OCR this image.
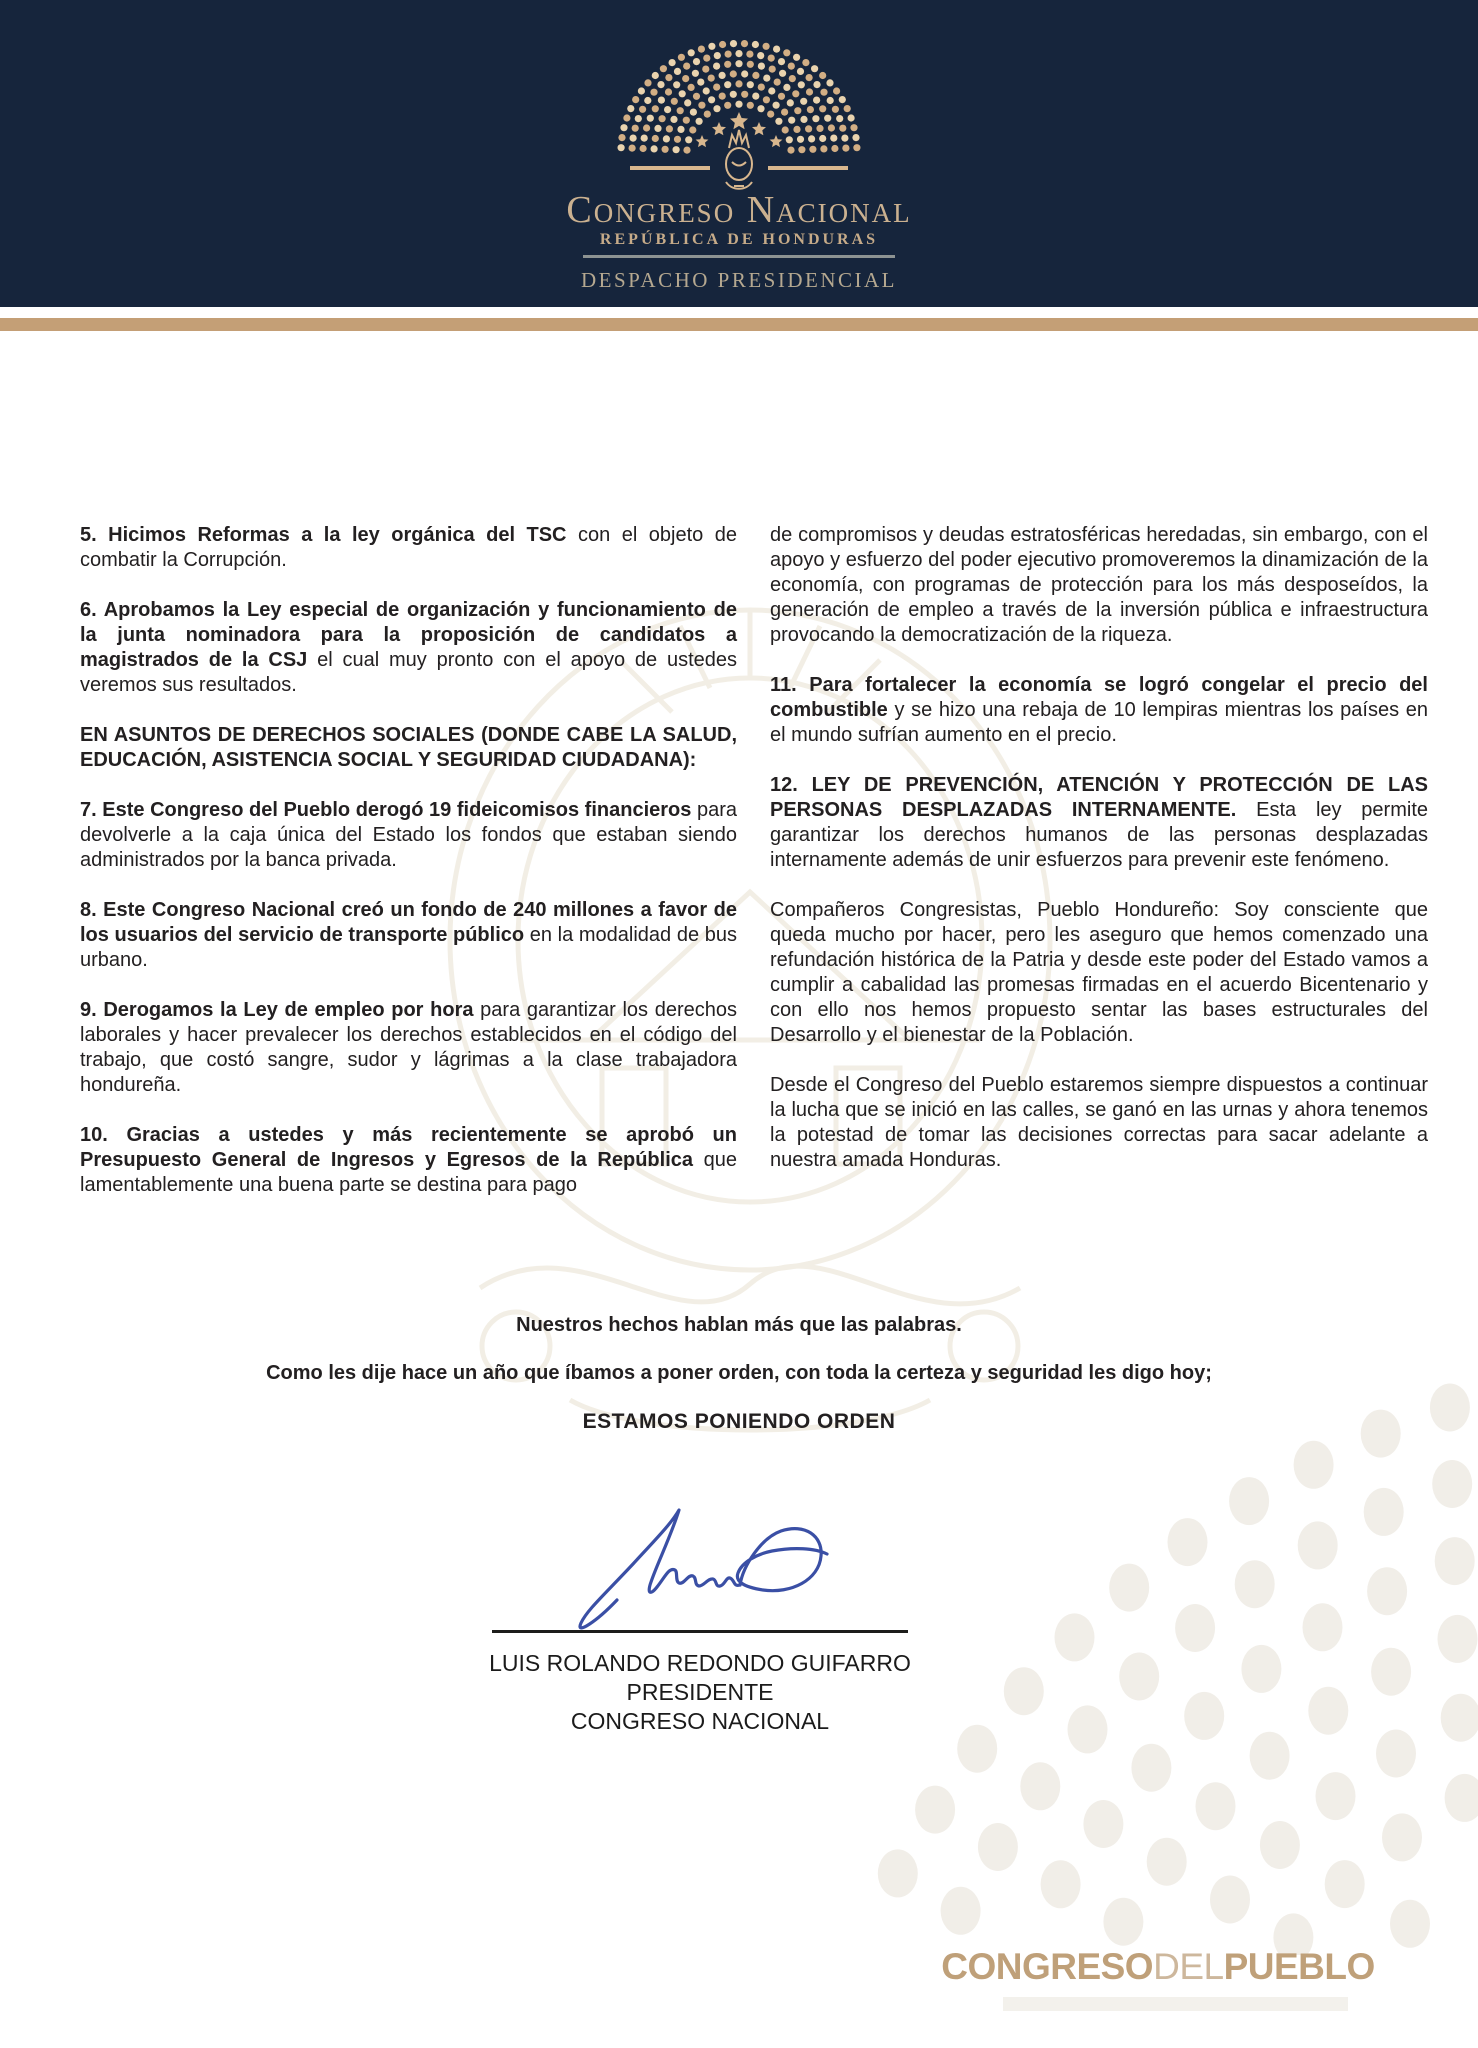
Congreso Nacional
REPÚBLICA DE HONDURAS
DESPACHO PRESIDENCIAL

5. Hicimos Reformas a la ley orgánica del TSC con el objeto de combatir la Corrupción.

6. Aprobamos la Ley especial de organización y funcionamiento de la junta nominadora para la proposición de candidatos a magistrados de la CSJ el cual muy pronto con el apoyo de ustedes veremos sus resultados.

EN ASUNTOS DE DERECHOS SOCIALES (DONDE CABE LA SALUD, EDUCACIÓN, ASISTENCIA SOCIAL Y SEGURIDAD CIUDADANA):

7. Este Congreso del Pueblo derogó 19 fideicomisos financieros para devolverle a la caja única del Estado los fondos que estaban siendo administrados por la banca privada.

8. Este Congreso Nacional creó un fondo de 240 millones a favor de los usuarios del servicio de transporte público en la modalidad de bus urbano.

9. Derogamos la Ley de empleo por hora para garantizar los derechos laborales y hacer prevalecer los derechos establecidos en el código del trabajo, que costó sangre, sudor y lágrimas a la clase trabajadora hondureña.

10. Gracias a ustedes y más recientemente se aprobó un Presupuesto General de Ingresos y Egresos de la República que lamentablemente una buena parte se destina para pago

de compromisos y deudas estratosféricas heredadas, sin embargo, con el apoyo y esfuerzo del poder ejecutivo promoveremos la dinamización de la economía, con programas de protección para los más desposeídos, la generación de empleo a través de la inversión pública e infraestructura provocando la democratización de la riqueza.

11. Para fortalecer la economía se logró congelar el precio del combustible y se hizo una rebaja de 10 lempiras mientras los países en el mundo sufrían aumento en el precio.

12. LEY DE PREVENCIÓN, ATENCIÓN Y PROTECCIÓN DE LAS PERSONAS DESPLAZADAS INTERNAMENTE. Esta ley permite garantizar los derechos humanos de las personas desplazadas internamente además de unir esfuerzos para prevenir este fenómeno.

Compañeros Congresistas, Pueblo Hondureño: Soy consciente que queda mucho por hacer, pero les aseguro que hemos comenzado una refundación histórica de la Patria y desde este poder del Estado vamos a cumplir a cabalidad las promesas firmadas en el acuerdo Bicentenario y con ello nos hemos propuesto sentar las bases estructurales del Desarrollo y el bienestar de la Población.

Desde el Congreso del Pueblo estaremos siempre dispuestos a continuar la lucha que se inició en las calles, se ganó en las urnas y ahora tenemos la potestad de tomar las decisiones correctas para sacar adelante a nuestra amada Honduras.

Nuestros hechos hablan más que las palabras.
Como les dije hace un año que íbamos a poner orden, con toda la certeza y seguridad les digo hoy;
ESTAMOS PONIENDO ORDEN
LUIS ROLANDO REDONDO GUIFARRO
PRESIDENTE
CONGRESO NACIONAL
CONGRESODELPUEBLO
